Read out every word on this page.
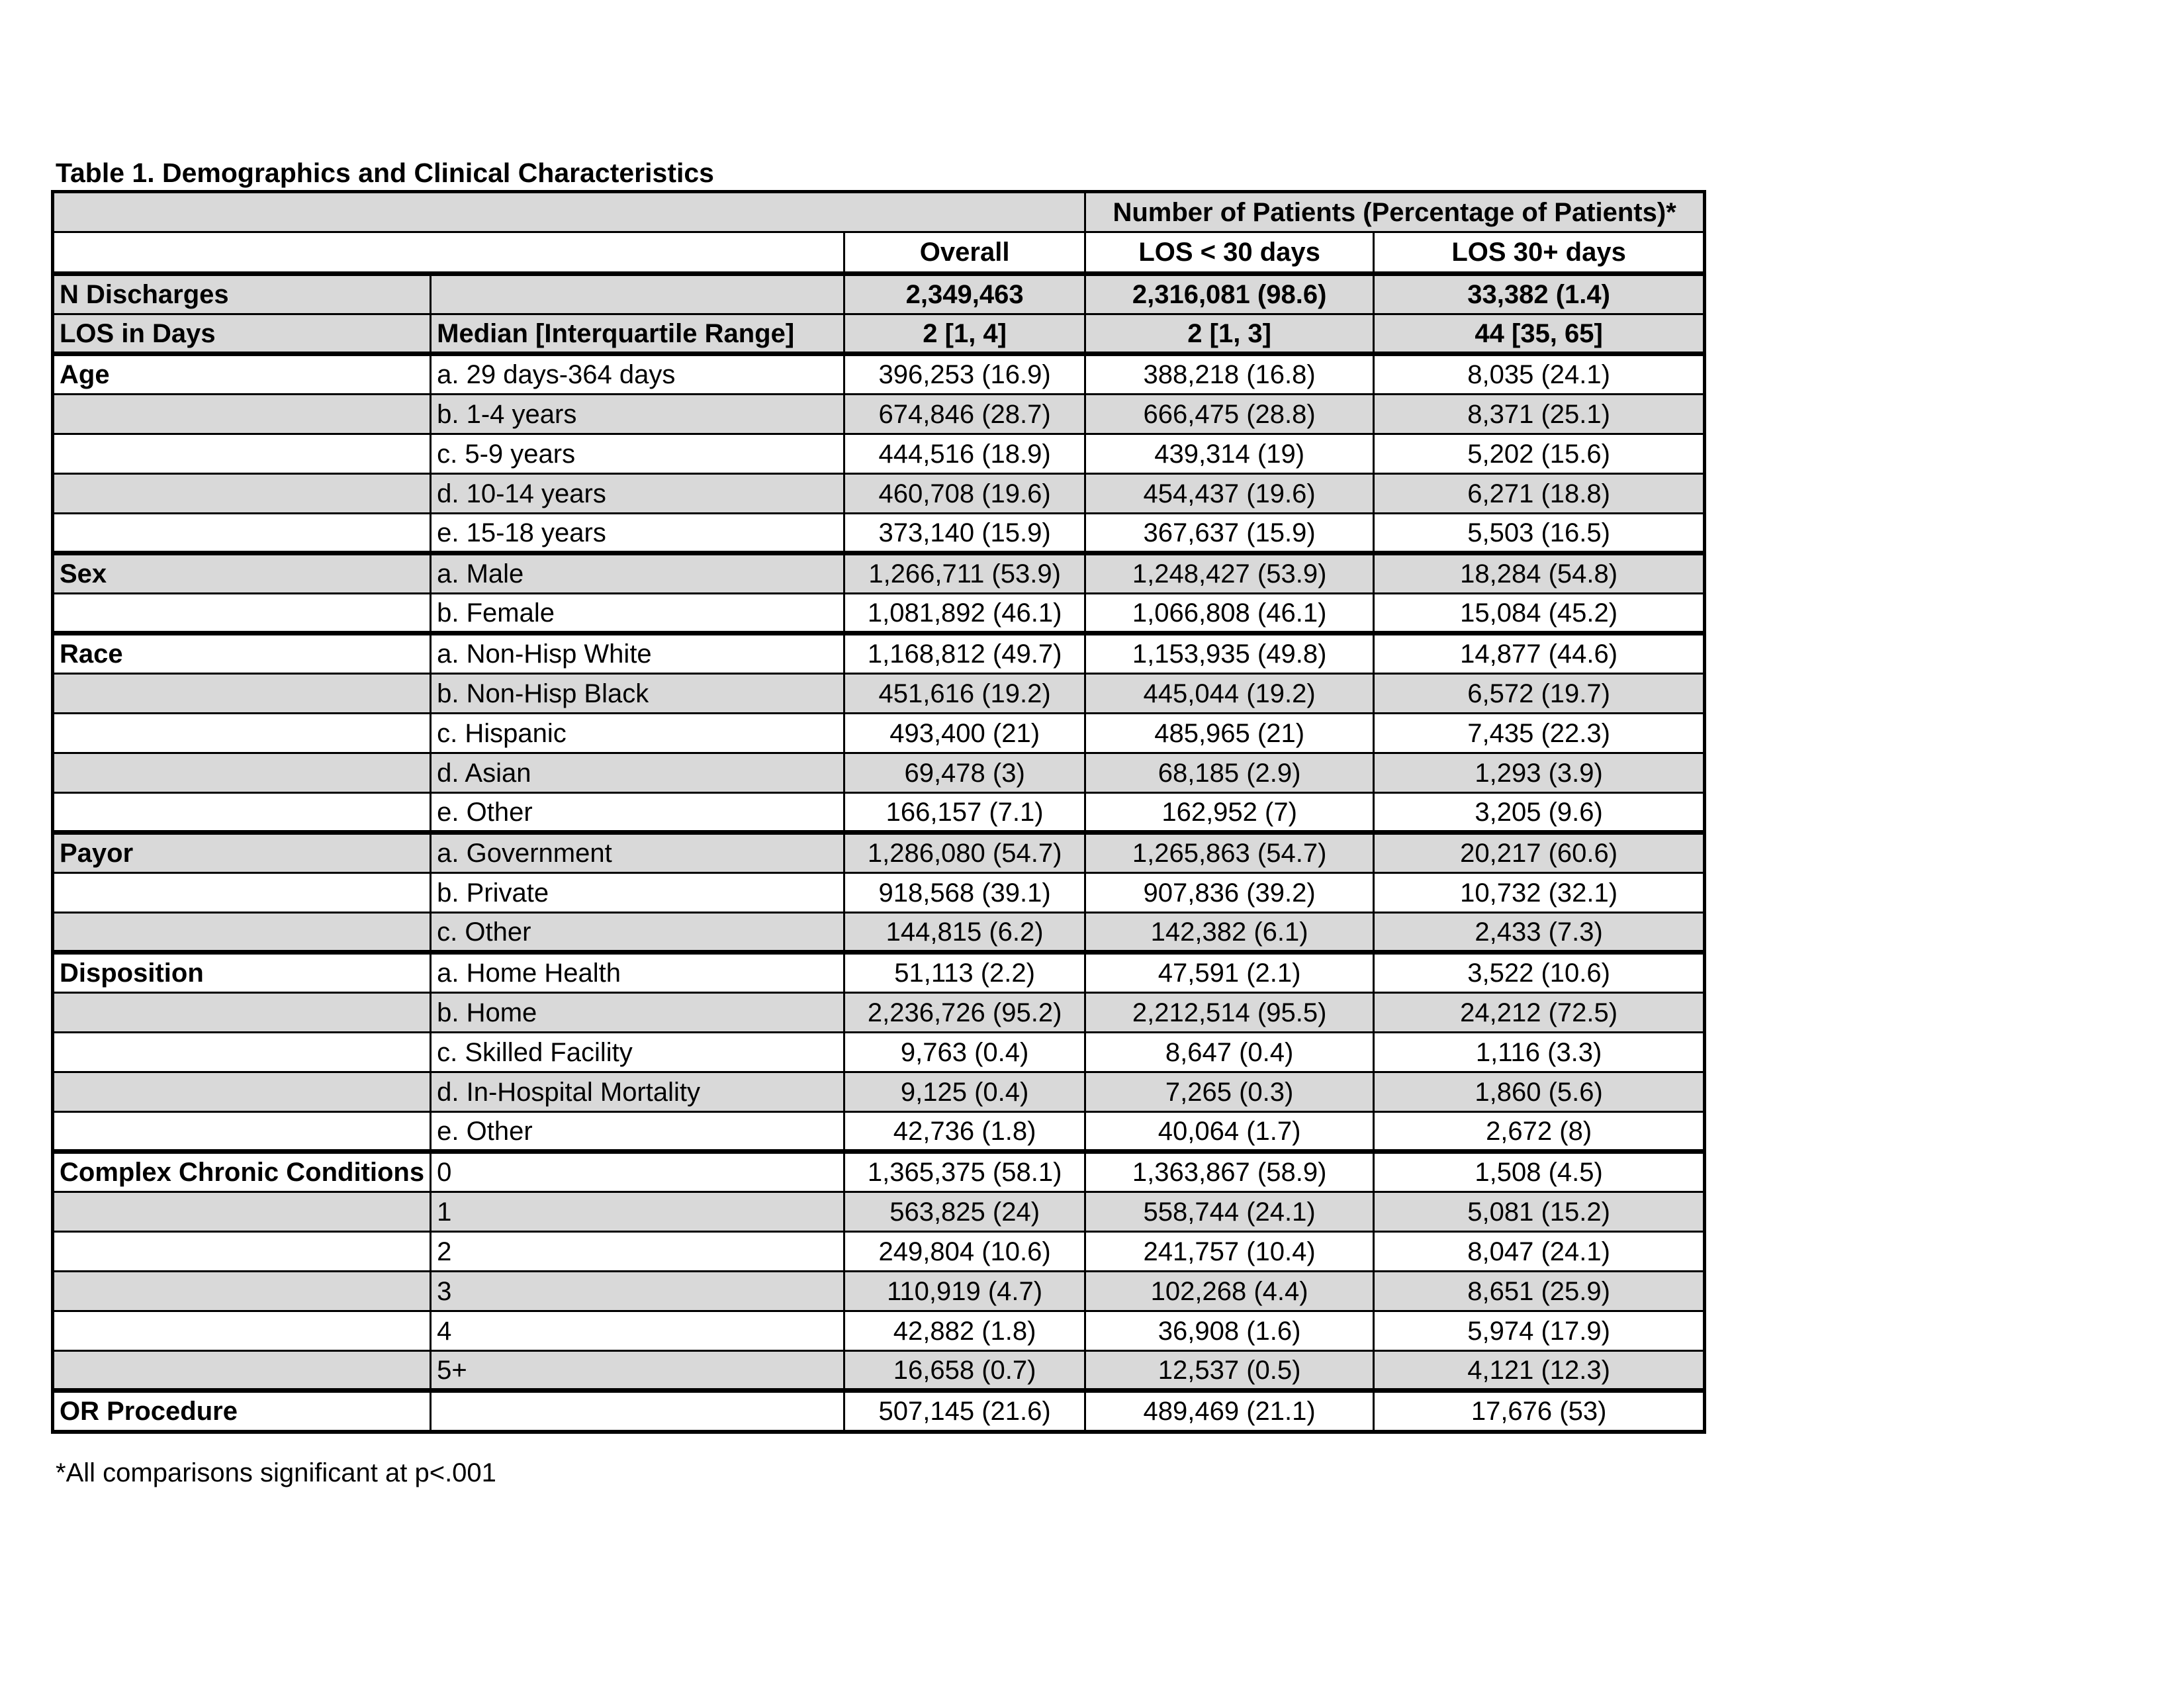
Table 1. Demographics and Clinical Characteristics
			Number of Patients (Percentage of Patients)*	
		Overall	LOS < 30 days	LOS 30+ days
N Discharges		2,349,463	2,316,081 (98.6)	33,382 (1.4)
LOS in Days	Median [Interquartile Range]	2 [1, 4]	2 [1, 3]	44 [35, 65]
Age	a. 29 days-364 days	396,253 (16.9)	388,218 (16.8)	8,035 (24.1)
	b. 1-4 years	674,846 (28.7)	666,475 (28.8)	8,371 (25.1)
	c. 5-9 years	444,516 (18.9)	439,314 (19)	5,202 (15.6)
	d. 10-14 years	460,708 (19.6)	454,437 (19.6)	6,271 (18.8)
	e. 15-18 years	373,140 (15.9)	367,637 (15.9)	5,503 (16.5)
Sex	a. Male	1,266,711 (53.9)	1,248,427 (53.9)	18,284 (54.8)
	b. Female	1,081,892 (46.1)	1,066,808 (46.1)	15,084 (45.2)
Race	a. Non-Hisp White	1,168,812 (49.7)	1,153,935 (49.8)	14,877 (44.6)
	b. Non-Hisp Black	451,616 (19.2)	445,044 (19.2)	6,572 (19.7)
	c. Hispanic	493,400 (21)	485,965 (21)	7,435 (22.3)
	d. Asian	69,478 (3)	68,185 (2.9)	1,293 (3.9)
	e. Other	166,157 (7.1)	162,952 (7)	3,205 (9.6)
Payor	a. Government	1,286,080 (54.7)	1,265,863 (54.7)	20,217 (60.6)
	b. Private	918,568 (39.1)	907,836 (39.2)	10,732 (32.1)
	c. Other	144,815 (6.2)	142,382 (6.1)	2,433 (7.3)
Disposition	a. Home Health	51,113 (2.2)	47,591 (2.1)	3,522 (10.6)
	b. Home	2,236,726 (95.2)	2,212,514 (95.5)	24,212 (72.5)
	c. Skilled Facility	9,763 (0.4)	8,647 (0.4)	1,116 (3.3)
	d. In-Hospital Mortality	9,125 (0.4)	7,265 (0.3)	1,860 (5.6)
	e. Other	42,736 (1.8)	40,064 (1.7)	2,672 (8)
Complex Chronic Conditions	0	1,365,375 (58.1)	1,363,867 (58.9)	1,508 (4.5)
	1	563,825 (24)	558,744 (24.1)	5,081 (15.2)
	2	249,804 (10.6)	241,757 (10.4)	8,047 (24.1)
	3	110,919 (4.7)	102,268 (4.4)	8,651 (25.9)
	4	42,882 (1.8)	36,908 (1.6)	5,974 (17.9)
	5+	16,658 (0.7)	12,537 (0.5)	4,121 (12.3)
OR Procedure		507,145 (21.6)	489,469 (21.1)	17,676 (53)
*All comparisons significant at p<.001
